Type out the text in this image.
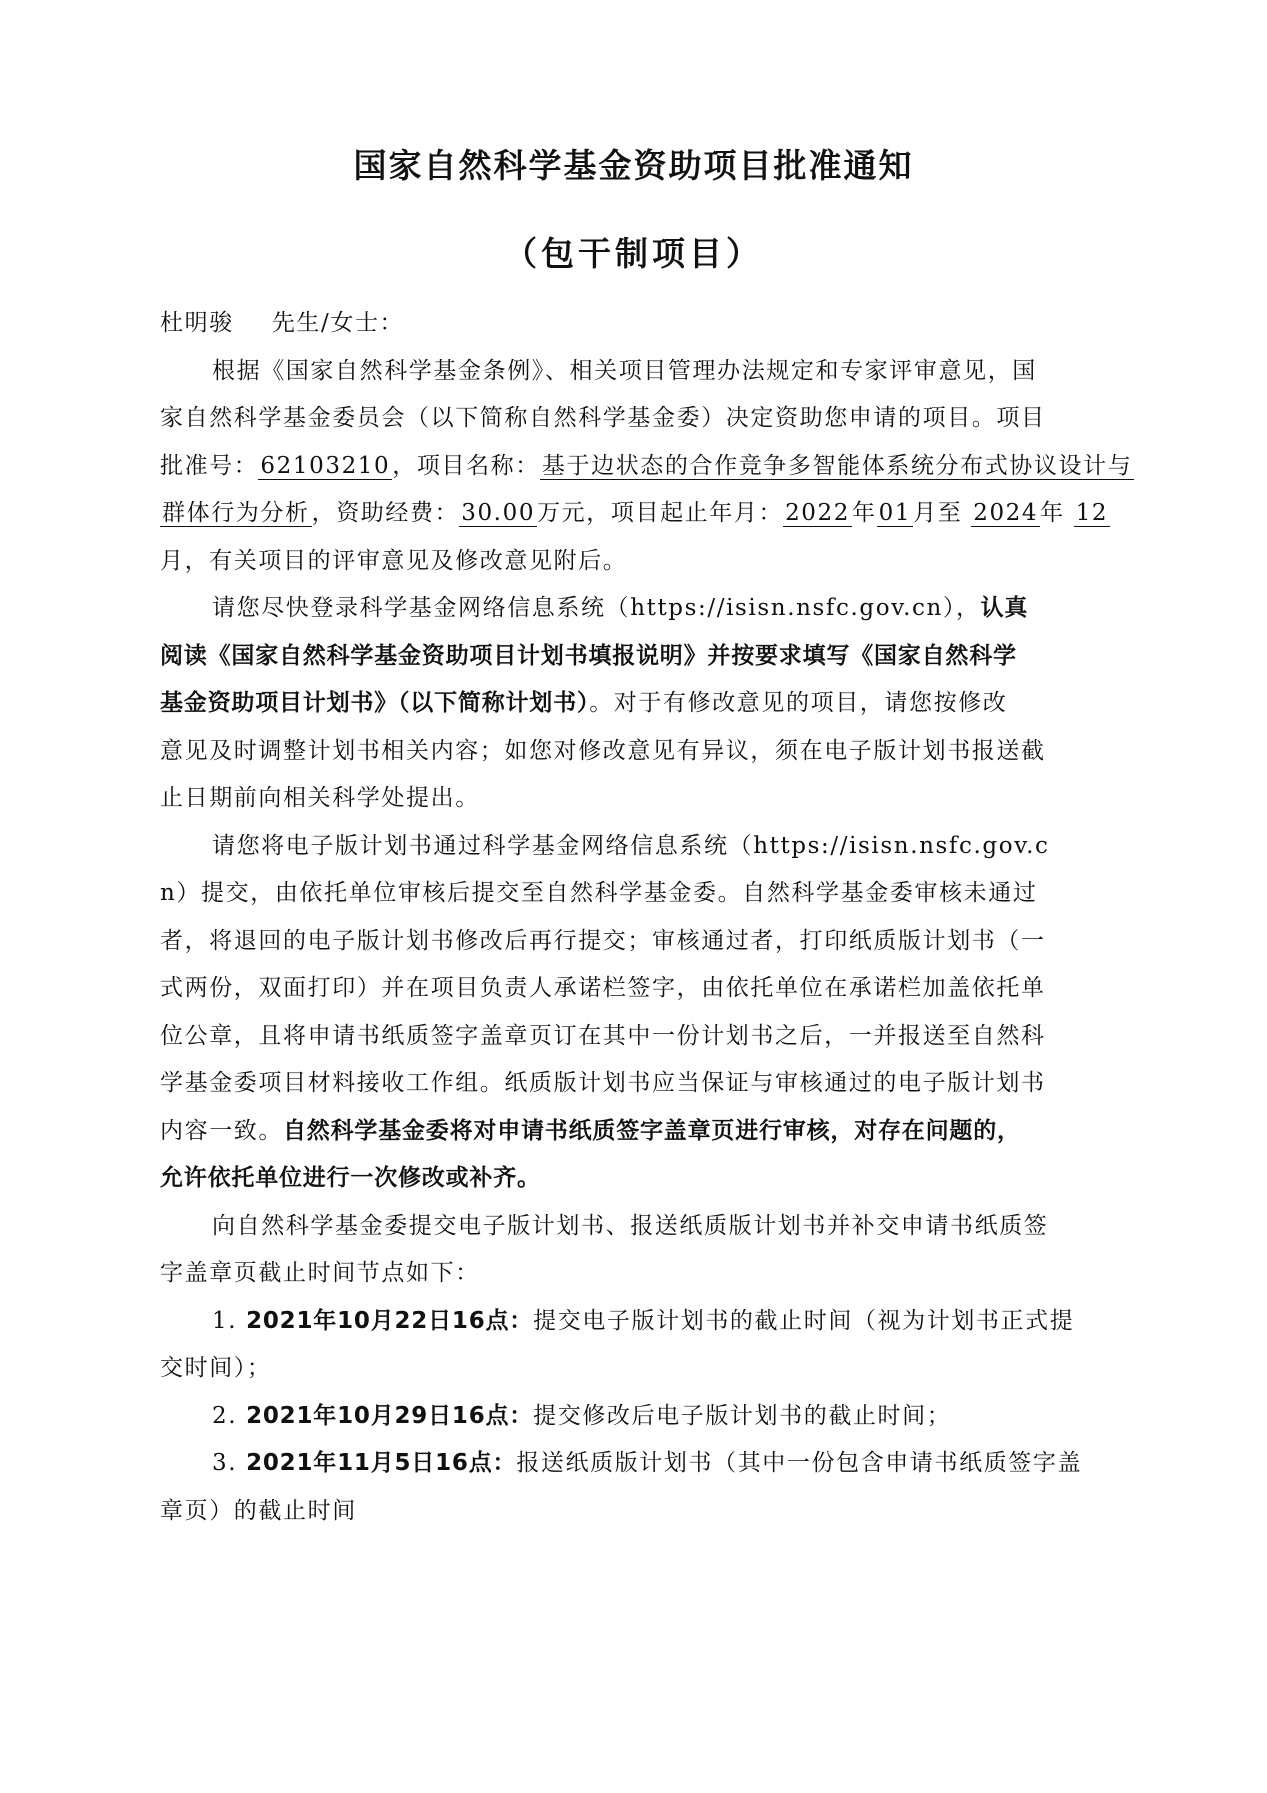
国家自然科学基金资助项目批准通知
（包干制项目）
杜明骏 先生/女士：
根据《国家自然科学基金条例》、相关项目管理办法规定和专家评审意见，国
家自然科学基金委员会（以下简称自然科学基金委）决定资助您申请的项目。项目
批准号：62103210，项目名称：基于边状态的合作竞争多智能体系统分布式协议设计与
群体行为分析，资助经费：30.00万元，项目起止年月：2022年01月至 2024年 12
月，有关项目的评审意见及修改意见附后。
请您尽快登录科学基金网络信息系统（https://isisn.nsfc.gov.cn），认真
阅读《国家自然科学基金资助项目计划书填报说明》并按要求填写《国家自然科学
基金资助项目计划书》（以下简称计划书）。对于有修改意见的项目，请您按修改
意见及时调整计划书相关内容；如您对修改意见有异议，须在电子版计划书报送截
止日期前向相关科学处提出。
请您将电子版计划书通过科学基金网络信息系统（https://isisn.nsfc.gov.c
n）提交，由依托单位审核后提交至自然科学基金委。自然科学基金委审核未通过
者，将退回的电子版计划书修改后再行提交；审核通过者，打印纸质版计划书（一
式两份，双面打印）并在项目负责人承诺栏签字，由依托单位在承诺栏加盖依托单
位公章，且将申请书纸质签字盖章页订在其中一份计划书之后，一并报送至自然科
学基金委项目材料接收工作组。纸质版计划书应当保证与审核通过的电子版计划书
内容一致。自然科学基金委将对申请书纸质签字盖章页进行审核，对存在问题的，
允许依托单位进行一次修改或补齐。
向自然科学基金委提交电子版计划书、报送纸质版计划书并补交申请书纸质签
字盖章页截止时间节点如下：
1. 2021年10月22日16点：提交电子版计划书的截止时间（视为计划书正式提
交时间）；
2. 2021年10月29日16点：提交修改后电子版计划书的截止时间；
3. 2021年11月5日16点：报送纸质版计划书（其中一份包含申请书纸质签字盖
章页）的截止时间
